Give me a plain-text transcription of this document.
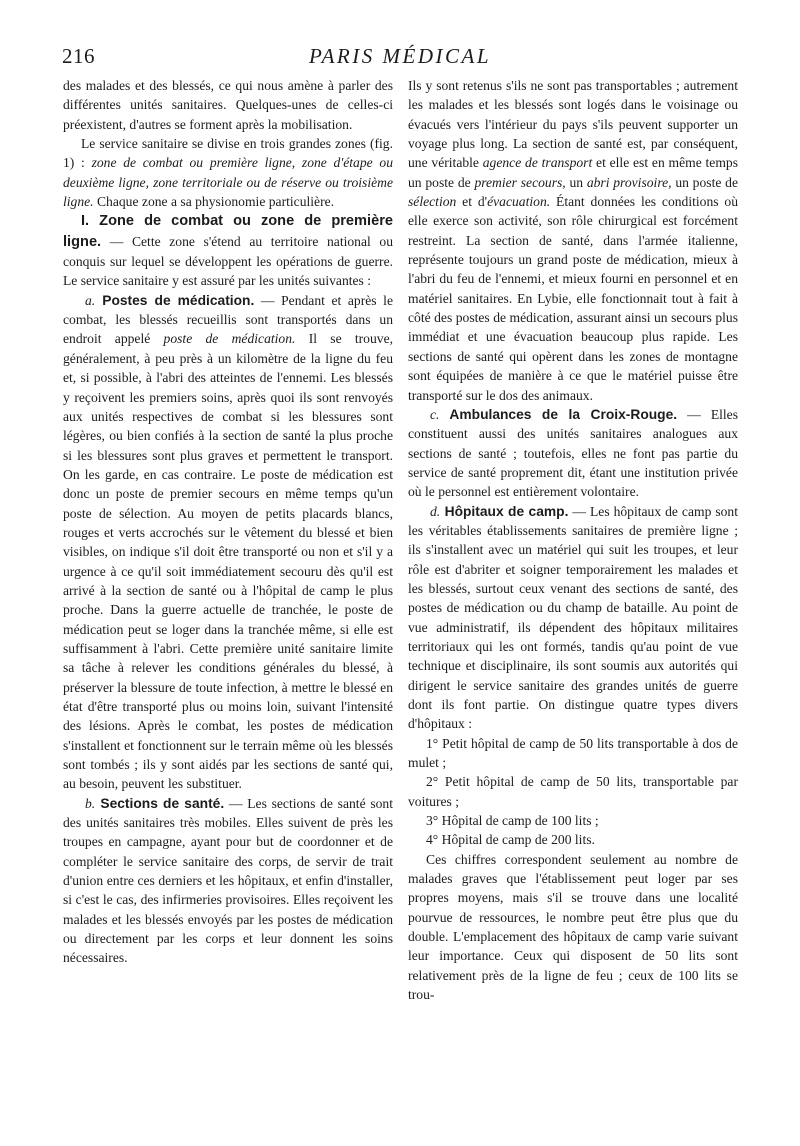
216	PARIS MÉDICAL

des malades et des blessés, ce qui nous amène à parler des différentes unités sanitaires. Quelques-unes de celles-ci préexistent, d'autres se forment après la mobilisation.

Le service sanitaire se divise en trois grandes zones (fig. 1) : zone de combat ou première ligne, zone d'étape ou deuxième ligne, zone territoriale ou de réserve ou troisième ligne. Chaque zone a sa physionomie particulière.

I. Zone de combat ou zone de première ligne. — Cette zone s'étend au territoire national ou conquis sur lequel se développent les opérations de guerre. Le service sanitaire y est assuré par les unités suivantes :

a. Postes de médication. — Pendant et après le combat, les blessés recueillis sont transportés dans un endroit appelé poste de médication. Il se trouve, généralement, à peu près à un kilomètre de la ligne du feu et, si possible, à l'abri des atteintes de l'ennemi. Les blessés y reçoivent les premiers soins, après quoi ils sont renvoyés aux unités respectives de combat si les blessures sont légères, ou bien confiés à la section de santé la plus proche si les blessures sont plus graves et permettent le transport. On les garde, en cas contraire. Le poste de médication est donc un poste de premier secours en même temps qu'un poste de sélection. Au moyen de petits placards blancs, rouges et verts accrochés sur le vêtement du blessé et bien visibles, on indique s'il doit être transporté ou non et s'il y a urgence à ce qu'il soit immédiatement secouru dès qu'il est arrivé à la section de santé ou à l'hôpital de camp le plus proche. Dans la guerre actuelle de tranchée, le poste de médication peut se loger dans la tranchée même, si elle est suffisamment à l'abri. Cette première unité sanitaire limite sa tâche à relever les conditions générales du blessé, à préserver la blessure de toute infection, à mettre le blessé en état d'être transporté plus ou moins loin, suivant l'intensité des lésions. Après le combat, les postes de médication s'installent et fonctionnent sur le terrain même où les blessés sont tombés ; ils y sont aidés par les sections de santé qui, au besoin, peuvent les substituer.

b. Sections de santé. — Les sections de santé sont des unités sanitaires très mobiles. Elles suivent de près les troupes en campagne, ayant pour but de coordonner et de compléter le service sanitaire des corps, de servir de trait d'union entre ces derniers et les hôpitaux, et enfin d'installer, si c'est le cas, des infirmeries provisoires. Elles reçoivent les malades et les blessés envoyés par les postes de médication ou directement par les corps et leur donnent les soins nécessaires.

Ils y sont retenus s'ils ne sont pas transportables ; autrement les malades et les blessés sont logés dans le voisinage ou évacués vers l'intérieur du pays s'ils peuvent supporter un voyage plus long. La section de santé est, par conséquent, une véritable agence de transport et elle est en même temps un poste de premier secours, un abri provisoire, un poste de sélection et d'évacuation. Étant données les conditions où elle exerce son activité, son rôle chirurgical est forcément restreint. La section de santé, dans l'armée italienne, représente toujours un grand poste de médication, mieux à l'abri du feu de l'ennemi, et mieux fourni en personnel et en matériel sanitaires. En Lybie, elle fonctionnait tout à fait à côté des postes de médication, assurant ainsi un secours plus immédiat et une évacuation beaucoup plus rapide. Les sections de santé qui opèrent dans les zones de montagne sont équipées de manière à ce que le matériel puisse être transporté sur le dos des animaux.

c. Ambulances de la Croix-Rouge. — Elles constituent aussi des unités sanitaires analogues aux sections de santé ; toutefois, elles ne font pas partie du service de santé proprement dit, étant une institution privée où le personnel est entièrement volontaire.

d. Hôpitaux de camp. — Les hôpitaux de camp sont les véritables établissements sanitaires de première ligne ; ils s'installent avec un matériel qui suit les troupes, et leur rôle est d'abriter et soigner temporairement les malades et les blessés, surtout ceux venant des sections de santé, des postes de médication ou du champ de bataille. Au point de vue administratif, ils dépendent des hôpitaux militaires territoriaux qui les ont formés, tandis qu'au point de vue technique et disciplinaire, ils sont soumis aux autorités qui dirigent le service sanitaire des grandes unités de guerre dont ils font partie. On distingue quatre types divers d'hôpitaux :

1° Petit hôpital de camp de 50 lits transportable à dos de mulet ;

2° Petit hôpital de camp de 50 lits, transportable par voitures ;

3° Hôpital de camp de 100 lits ;

4° Hôpital de camp de 200 lits.

Ces chiffres correspondent seulement au nombre de malades graves que l'établissement peut loger par ses propres moyens, mais s'il se trouve dans une localité pourvue de ressources, le nombre peut être plus que du double. L'emplacement des hôpitaux de camp varie suivant leur importance. Ceux qui disposent de 50 lits sont relativement près de la ligne de feu ; ceux de 100 lits se trou-
